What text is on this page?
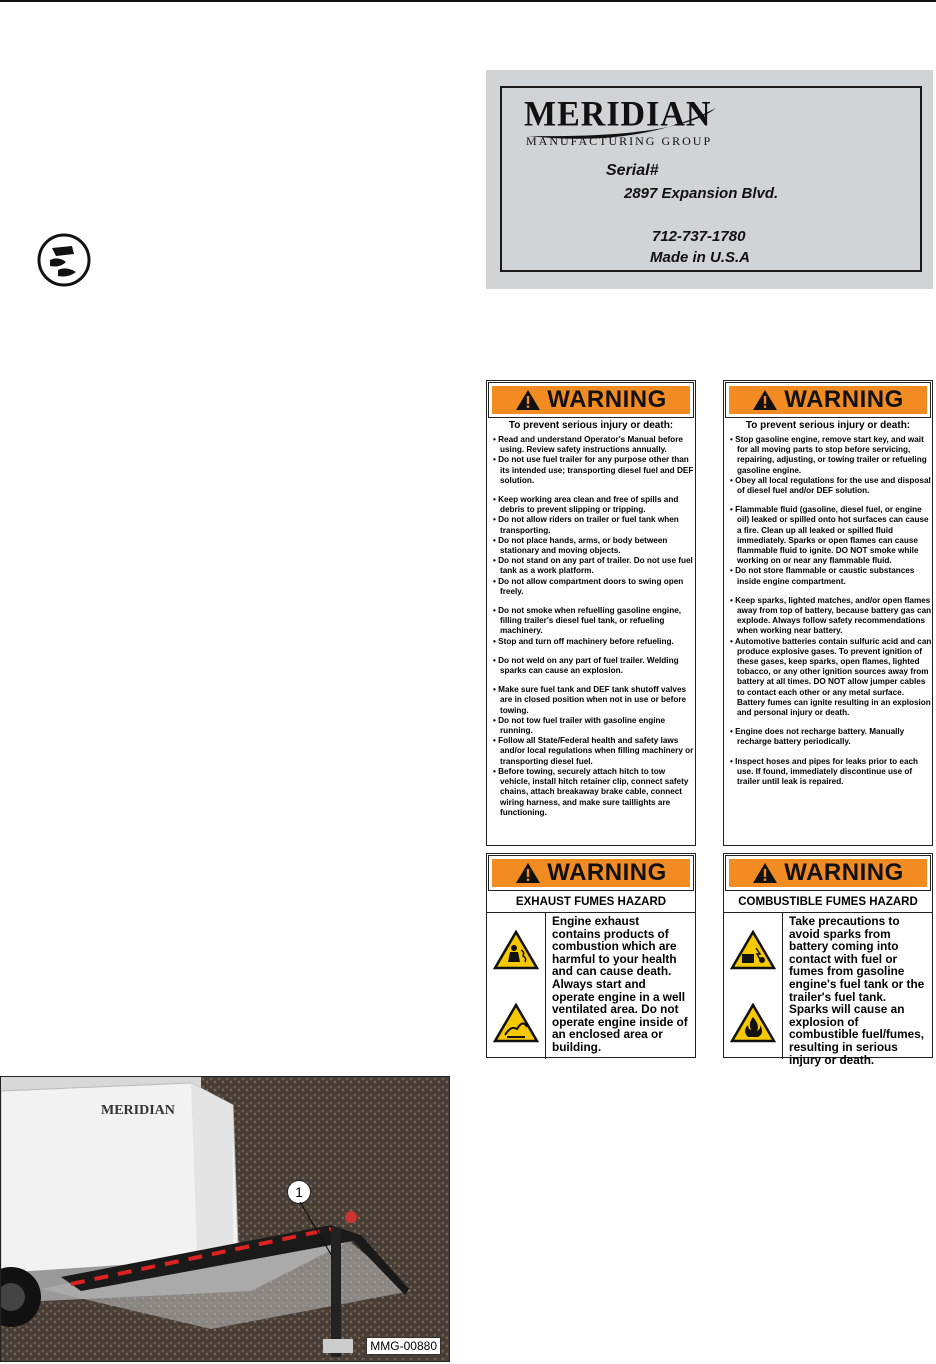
MERIDIAN
MANUFACTURING GROUP
Serial#
2897 Expansion Blvd.
712-737-1780
Made in U.S.A
WARNING
To prevent serious injury or death:
• Read and understand Operator's Manual before using. Review safety instructions annually.
• Do not use fuel trailer for any purpose other than its intended use; transporting diesel fuel and DEF solution.
• Keep working area clean and free of spills and debris to prevent slipping or tripping.
• Do not allow riders on trailer or fuel tank when transporting.
• Do not place hands, arms, or body between stationary and moving objects.
• Do not stand on any part of trailer. Do not use fuel tank as a work platform.
• Do not allow compartment doors to swing open freely.
• Do not smoke when refuelling gasoline engine, filling trailer's diesel fuel tank, or refueling machinery.
• Stop and turn off machinery before refueling.
• Do not weld on any part of fuel trailer. Welding sparks can cause an explosion.
• Make sure fuel tank and DEF tank shutoff valves are in closed position when not in use or before towing.
• Do not tow fuel trailer with gasoline engine running.
• Follow all State/Federal health and safety laws and/or local regulations when filling machinery or transporting diesel fuel.
• Before towing, securely attach hitch to tow vehicle, install hitch retainer clip, connect safety chains, attach breakaway brake cable, connect wiring harness, and make sure taillights are functioning.
WARNING
To prevent serious injury or death:
• Stop gasoline engine, remove start key, and wait for all moving parts to stop before servicing, repairing, adjusting, or towing trailer or refueling gasoline engine.
• Obey all local regulations for the use and disposal of diesel fuel and/or DEF solution.
• Flammable fluid (gasoline, diesel fuel, or engine oil) leaked or spilled onto hot surfaces can cause a fire. Clean up all leaked or spilled fluid immediately. Sparks or open flames can cause flammable fluid to ignite. DO NOT smoke while working on or near any flammable fluid.
• Do not store flammable or caustic substances inside engine compartment.
• Keep sparks, lighted matches, and/or open flames away from top of battery, because battery gas can explode. Always follow safety recommendations when working near battery.
• Automotive batteries contain sulfuric acid and can produce explosive gases. To prevent ignition of these gases, keep sparks, open flames, lighted tobacco, or any other ignition sources away from battery at all times. DO NOT allow jumper cables to contact each other or any metal surface. Battery fumes can ignite resulting in an explosion and personal injury or death.
• Engine does not recharge battery. Manually recharge battery periodically.
• Inspect hoses and pipes for leaks prior to each use. If found, immediately discontinue use of trailer until leak is repaired.
WARNING
EXHAUST FUMES HAZARD
Engine exhaust contains products of combustion which are harmful to your health and can cause death. Always start and operate engine in a well ventilated area. Do not operate engine inside of an enclosed area or building.
WARNING
COMBUSTIBLE FUMES HAZARD
Take precautions to avoid sparks from battery coming into contact with fuel or fumes from gasoline engine's fuel tank or the trailer's fuel tank. Sparks will cause an explosion of combustible fuel/fumes, resulting in serious injury or death.
MERIDIAN
MMG-00880
1
